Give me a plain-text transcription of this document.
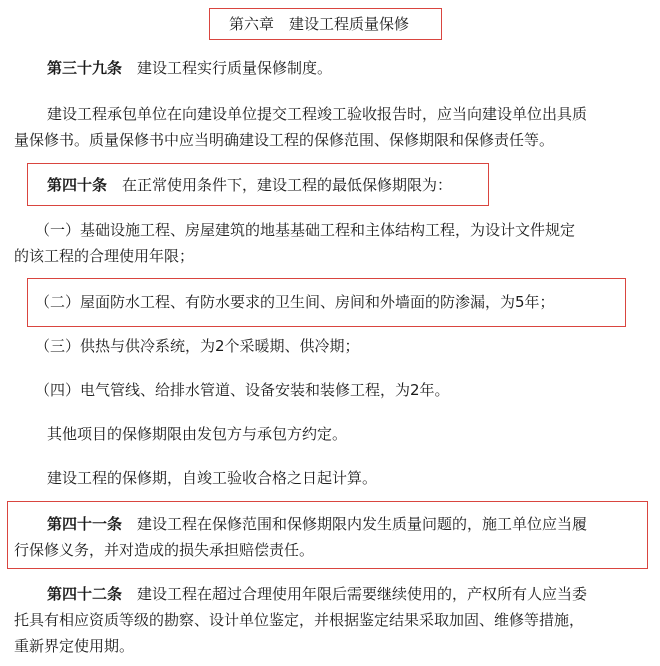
第六章　建设工程质量保修
第三十九条　 建设工程实行质量保修制度。
建设工程承包单位在向建设单位提交工程竣工验收报告时，应当向建设单位出具质
量保修书。质量保修书中应当明确建设工程的保修范围、保修期限和保修责任等。
第四十条　 在正常使用条件下，建设工程的最低保修期限为：
（一）基础设施工程、房屋建筑的地基基础工程和主体结构工程，为设计文件规定
的该工程的合理使用年限；
（二）屋面防水工程、有防水要求的卫生间、房间和外墙面的防渗漏，为5年；
（三）供热与供冷系统，为2个采暖期、供冷期；
（四）电气管线、给排水管道、设备安装和装修工程，为2年。
其他项目的保修期限由发包方与承包方约定。
建设工程的保修期，自竣工验收合格之日起计算。
第四十一条　 建设工程在保修范围和保修期限内发生质量问题的，施工单位应当履
行保修义务，并对造成的损失承担赔偿责任。
第四十二条　 建设工程在超过合理使用年限后需要继续使用的，产权所有人应当委
托具有相应资质等级的勘察、设计单位鉴定，并根据鉴定结果采取加固、维修等措施，
重新界定使用期。
